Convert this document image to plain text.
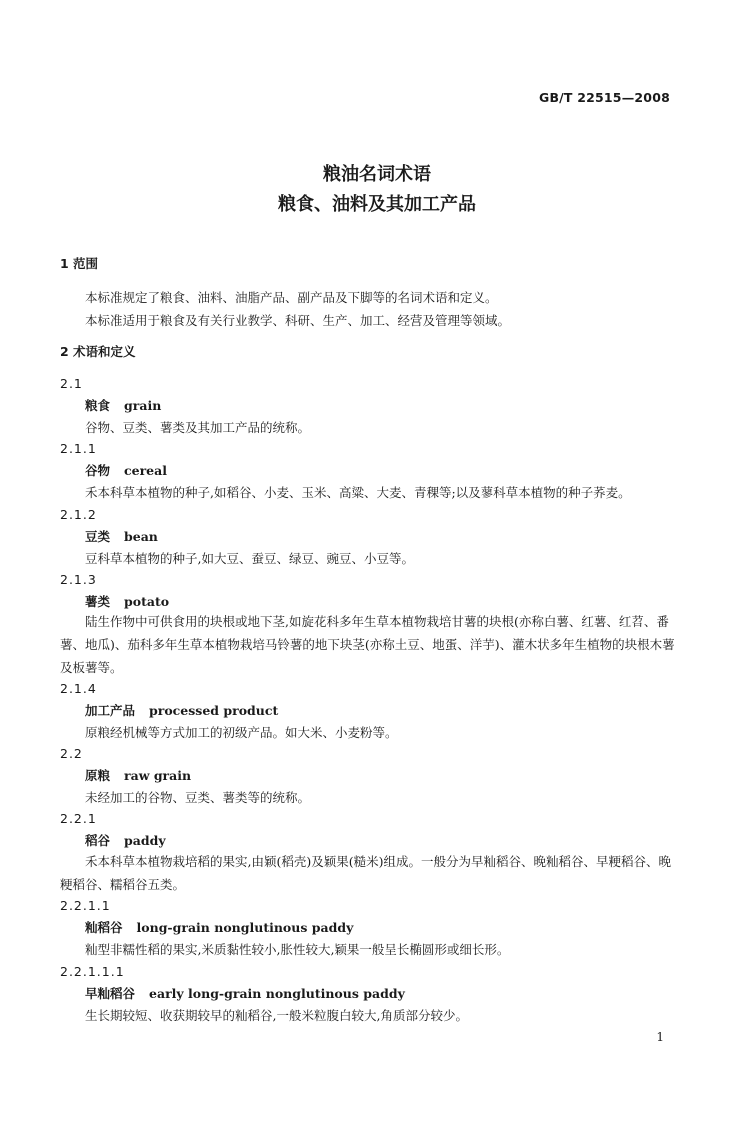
GB/T 22515—2008
粮油名词术语
粮食、油料及其加工产品
1 范围
本标准规定了粮食、油料、油脂产品、副产品及下脚等的名词术语和定义。
本标准适用于粮食及有关行业教学、科研、生产、加工、经营及管理等领域。
2 术语和定义
2.1
粮食 grain
谷物、豆类、薯类及其加工产品的统称。
2.1.1
谷物 cereal
禾本科草本植物的种子,如稻谷、小麦、玉米、高粱、大麦、青稞等;以及蓼科草本植物的种子荞麦。
2.1.2
豆类 bean
豆科草本植物的种子,如大豆、蚕豆、绿豆、豌豆、小豆等。
2.1.3
薯类 potato
陆生作物中可供食用的块根或地下茎,如旋花科多年生草本植物栽培甘薯的块根(亦称白薯、红薯、红苕、番薯、地瓜)、茄科多年生草本植物栽培马铃薯的地下块茎(亦称土豆、地蛋、洋芋)、灌木状多年生植物的块根木薯及板薯等。
2.1.4
加工产品 processed product
原粮经机械等方式加工的初级产品。如大米、小麦粉等。
2.2
原粮 raw grain
未经加工的谷物、豆类、薯类等的统称。
2.2.1
稻谷 paddy
禾本科草本植物栽培稻的果实,由颖(稻壳)及颖果(糙米)组成。一般分为早籼稻谷、晚籼稻谷、早粳稻谷、晚粳稻谷、糯稻谷五类。
2.2.1.1
籼稻谷 long-grain nonglutinous paddy
籼型非糯性稻的果实,米质黏性较小,胀性较大,颖果一般呈长椭圆形或细长形。
2.2.1.1.1
早籼稻谷 early long-grain nonglutinous paddy
生长期较短、收获期较早的籼稻谷,一般米粒腹白较大,角质部分较少。
1
